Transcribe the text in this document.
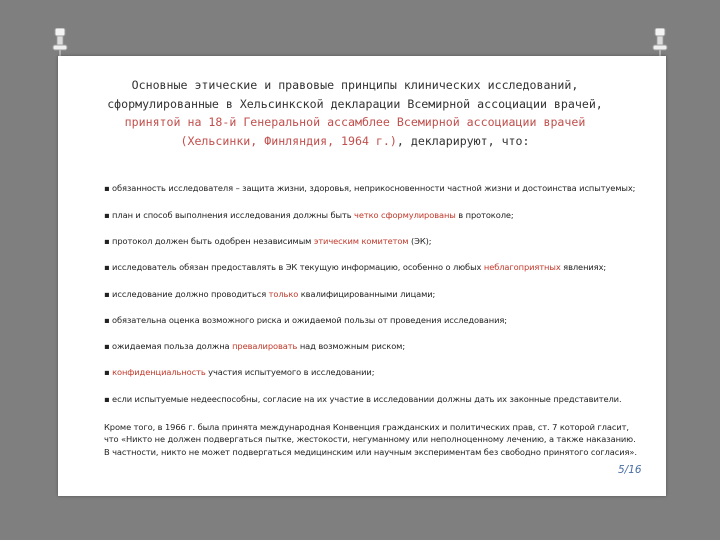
Основные этические и правовые принципы клинических исследований,
сформулированные в Хельсинкской декларации Всемирной ассоциации врачей,
принятой на 18-й Генеральной ассамблее Всемирной ассоциации врачей
(Хельсинки, Финляндия, 1964 г.), декларируют, что:
▪ обязанность исследователя – защита жизни, здоровья, неприкосновенности частной жизни и достоинства испытуемых;
▪ план и способ выполнения исследования должны быть четко сформулированы в протоколе;
▪ протокол должен быть одобрен независимым этическим комитетом (ЭК);
▪ исследователь обязан предоставлять в ЭК текущую информацию, особенно о любых неблагоприятных явлениях;
▪ исследование должно проводиться только квалифицированными лицами;
▪ обязательна оценка возможного риска и ожидаемой пользы от проведения исследования;
▪ ожидаемая польза должна превалировать над возможным риском;
▪ конфиденциальность участия испытуемого в исследовании;
▪ если испытуемые недееспособны, согласие на их участие в исследовании должны дать их законные представители.
Кроме того, в 1966 г. была принята международная Конвенция гражданских и политических прав, ст. 7 которой гласит,
что «Никто не должен подвергаться пытке, жестокости, негуманному или неполноценному лечению, а также наказанию.
В частности, никто не может подвергаться медицинским или научным экспериментам без свободно принятого согласия».
5/16
